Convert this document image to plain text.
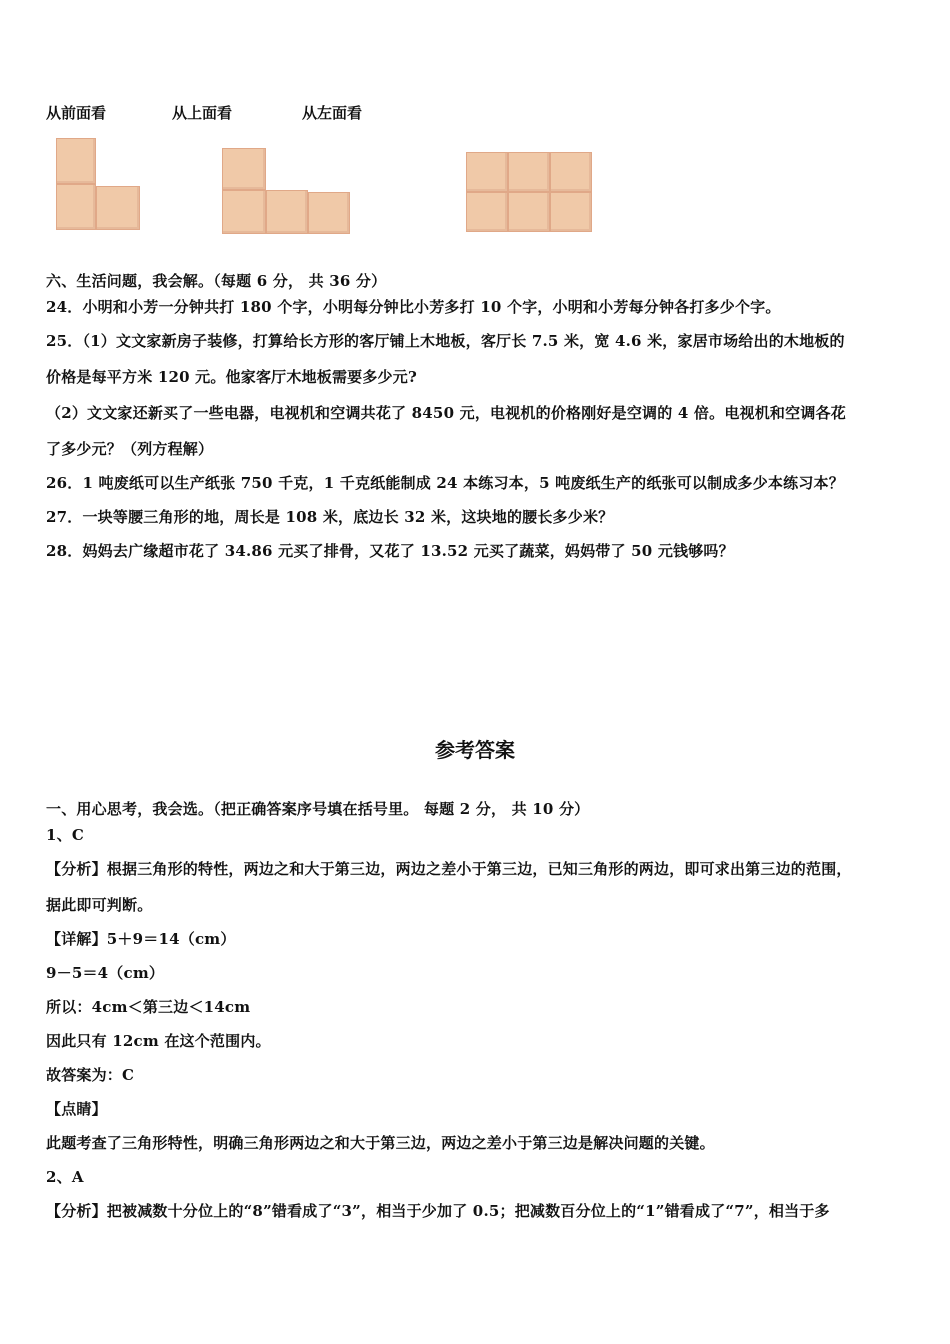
从前面看	从上面看	从左面看
六、生活问题，我会解。（每题 6 分， 共 36 分）
24．小明和小芳一分钟共打 180 个字，小明每分钟比小芳多打 10 个字，小明和小芳每分钟各打多少个字。
25．（1）文文家新房子装修，打算给长方形的客厅铺上木地板，客厅长 7.5 米，宽 4.6 米，家居市场给出的木地板的
价格是每平方米 120 元。他家客厅木地板需要多少元?
（2）文文家还新买了一些电器，电视机和空调共花了 8450 元，电视机的价格刚好是空调的 4 倍。电视机和空调各花
了多少元？（列方程解）
26．1 吨废纸可以生产纸张 750 千克，1 千克纸能制成 24 本练习本，5 吨废纸生产的纸张可以制成多少本练习本？
27．一块等腰三角形的地，周长是 108 米，底边长 32 米，这块地的腰长多少米？
28．妈妈去广缘超市花了 34.86 元买了排骨，又花了 13.52 元买了蔬菜，妈妈带了 50 元钱够吗？
参考答案
一、用心思考，我会选。（把正确答案序号填在括号里。 每题 2 分， 共 10 分）
1、C
【分析】根据三角形的特性，两边之和大于第三边，两边之差小于第三边，已知三角形的两边，即可求出第三边的范围，
据此即可判断。
【详解】5＋9＝14（cm）
9－5＝4（cm）
所以：4cm＜第三边＜14cm
因此只有 12cm 在这个范围内。
故答案为：C
【点睛】
此题考查了三角形特性，明确三角形两边之和大于第三边，两边之差小于第三边是解决问题的关键。
2、A
【分析】把被减数十分位上的“8”错看成了“3”，相当于少加了 0.5；把减数百分位上的“1”错看成了“7”，相当于多
